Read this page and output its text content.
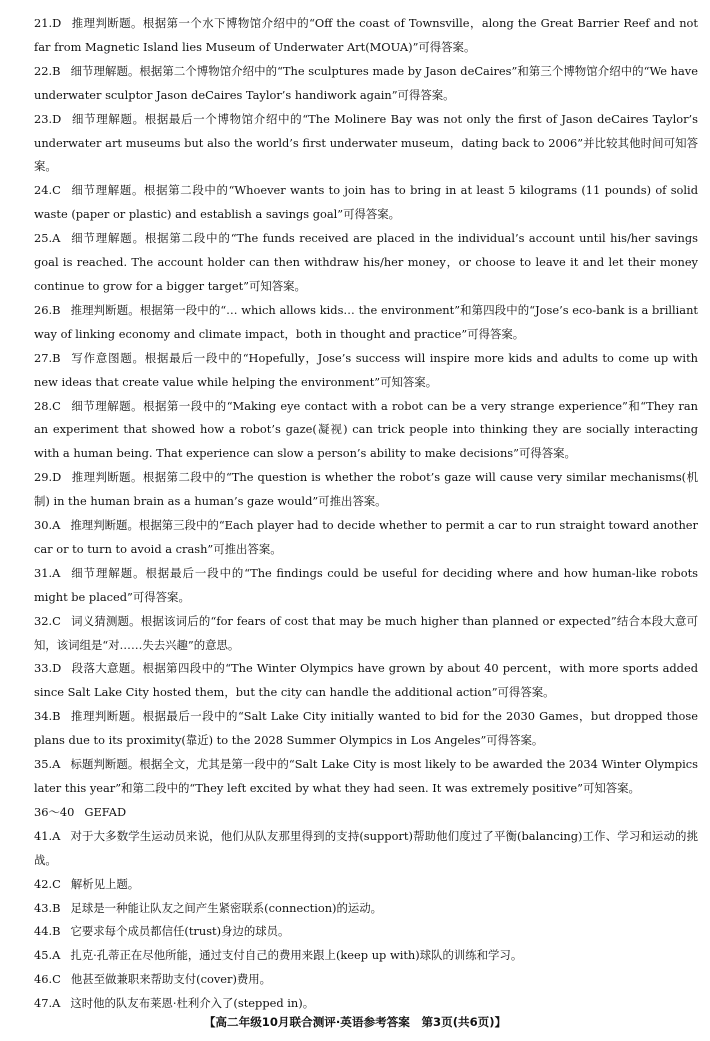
21.D 推理判断题。根据第一个水下博物馆介绍中的“Off the coast of Townsville，along the Great Barrier Reef and not far from Magnetic Island lies Museum of Underwater Art(MOUA)”可得答案。

22.B 细节理解题。根据第二个博物馆介绍中的“The sculptures made by Jason deCaires”和第三个博物馆介绍中的“We have underwater sculptor Jason deCaires Taylor’s handiwork again”可得答案。

23.D 细节理解题。根据最后一个博物馆介绍中的“The Molinere Bay was not only the first of Jason deCaires Taylor’s underwater art museums but also the world’s first underwater museum，dating back to 2006”并比较其他时间可知答案。

24.C 细节理解题。根据第二段中的“Whoever wants to join has to bring in at least 5 kilograms (11 pounds) of solid waste (paper or plastic) and establish a savings goal”可得答案。

25.A 细节理解题。根据第二段中的“The funds received are placed in the individual’s account until his/her savings goal is reached. The account holder can then withdraw his/her money，or choose to leave it and let their money continue to grow for a bigger target”可知答案。

26.B 推理判断题。根据第一段中的“… which allows kids… the environment”和第四段中的“Jose’s eco-bank is a brilliant way of linking economy and climate impact，both in thought and practice”可得答案。

27.B 写作意图题。根据最后一段中的“Hopefully，Jose’s success will inspire more kids and adults to come up with new ideas that create value while helping the environment”可知答案。

28.C 细节理解题。根据第一段中的“Making eye contact with a robot can be a very strange experience”和“They ran an experiment that showed how a robot’s gaze(凝视) can trick people into thinking they are socially interacting with a human being. That experience can slow a person’s ability to make decisions”可得答案。

29.D 推理判断题。根据第二段中的“The question is whether the robot’s gaze will cause very similar mechanisms(机制) in the human brain as a human’s gaze would”可推出答案。

30.A 推理判断题。根据第三段中的“Each player had to decide whether to permit a car to run straight toward another car or to turn to avoid a crash”可推出答案。

31.A 细节理解题。根据最后一段中的“The findings could be useful for deciding where and how human-like robots might be placed”可得答案。

32.C 词义猜测题。根据该词后的“for fears of cost that may be much higher than planned or expected”结合本段大意可知，该词组是“对……失去兴趣”的意思。

33.D 段落大意题。根据第四段中的“The Winter Olympics have grown by about 40 percent，with more sports added since Salt Lake City hosted them，but the city can handle the additional action”可得答案。

34.B 推理判断题。根据最后一段中的“Salt Lake City initially wanted to bid for the 2030 Games，but dropped those plans due to its proximity(靠近) to the 2028 Summer Olympics in Los Angeles”可得答案。

35.A 标题判断题。根据全文，尤其是第一段中的“Salt Lake City is most likely to be awarded the 2034 Winter Olympics later this year”和第二段中的“They left excited by what they had seen. It was extremely positive”可知答案。

36～40 GEFAD

41.A 对于大多数学生运动员来说，他们从队友那里得到的支持(support)帮助他们度过了平衡(balancing)工作、学习和运动的挑战。

42.C 解析见上题。

43.B 足球是一种能让队友之间产生紧密联系(connection)的运动。

44.B 它要求每个成员都信任(trust)身边的球员。

45.A 扎克·孔蒂正在尽他所能，通过支付自己的费用来跟上(keep up with)球队的训练和学习。

46.C 他甚至做兼职来帮助支付(cover)费用。

47.A 这时他的队友布莱恩·杜利介入了(stepped in)。

【高二年级10月联合测评·英语参考答案　第3页(共6页)】
